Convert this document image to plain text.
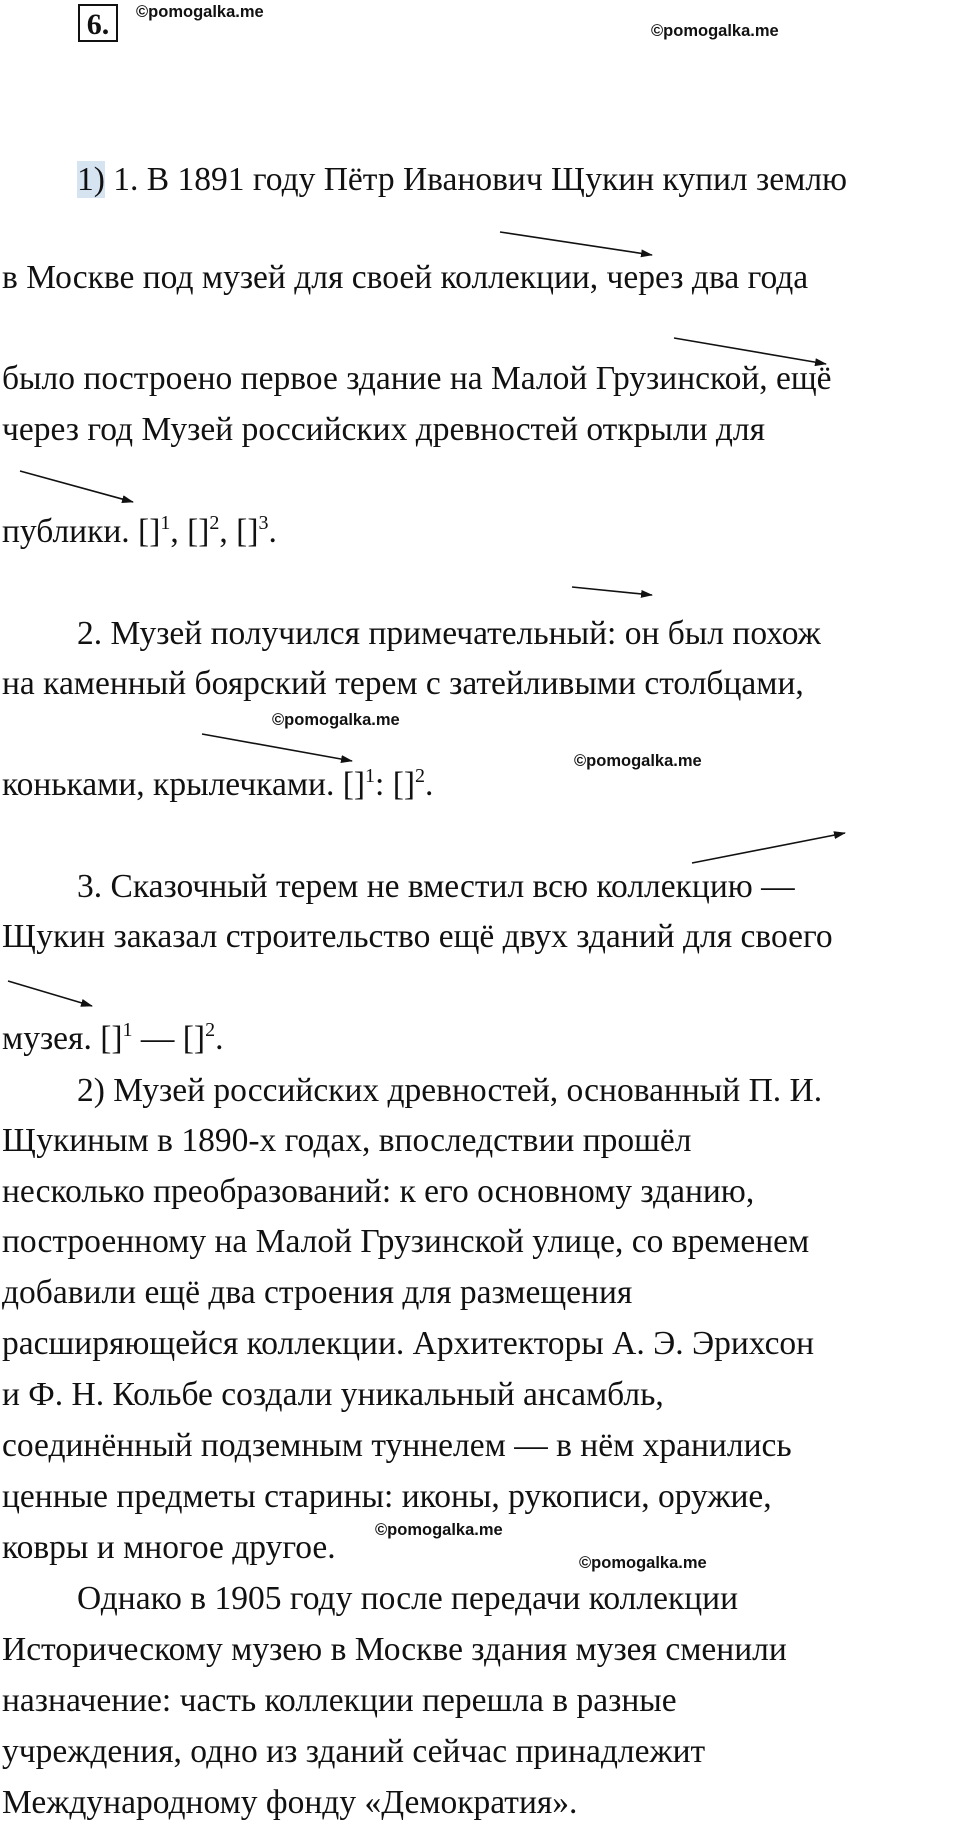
6.	©pomogalka.me
©pomogalka.me
1) 1. В 1891 году Пётр Иванович Щукин купил землю
в Москве под музей для своей коллекции, через два года
было построено первое здание на Малой Грузинской, ещё
через год Музей российских древностей открыли для
публики. []$^1$, []$^2$, []$^3$.
2. Музей получился примечательный: он был похож
на каменный боярский терем с затейливыми столбцами,
©pomogalka.me
©pomogalka.me
коньками, крылечками. []$^1$: []$^2$.
3. Сказочный терем не вместил всю коллекцию —
Щукин заказал строительство ещё двух зданий для своего
музея. []$^1$ — []$^2$.
2) Музей российских древностей, основанный П. И.
Щукиным в 1890-х годах, впоследствии прошёл
несколько преобразований: к его основному зданию,
построенному на Малой Грузинской улице, со временем
добавили ещё два строения для размещения
расширяющейся коллекции. Архитекторы А. Э. Эрихсон
и Ф. Н. Кольбе создали уникальный ансамбль,
соединённый подземным туннелем — в нём хранились
ценные предметы старины: иконы, рукописи, оружие,
ковры и многое другое. ©pomogalka.me
©pomogalka.me
Однако в 1905 году после передачи коллекции
Историческому музею в Москве здания музея сменили
назначение: часть коллекции перешла в разные
учреждения, одно из зданий сейчас принадлежит
Международному фонду «Демократия».
